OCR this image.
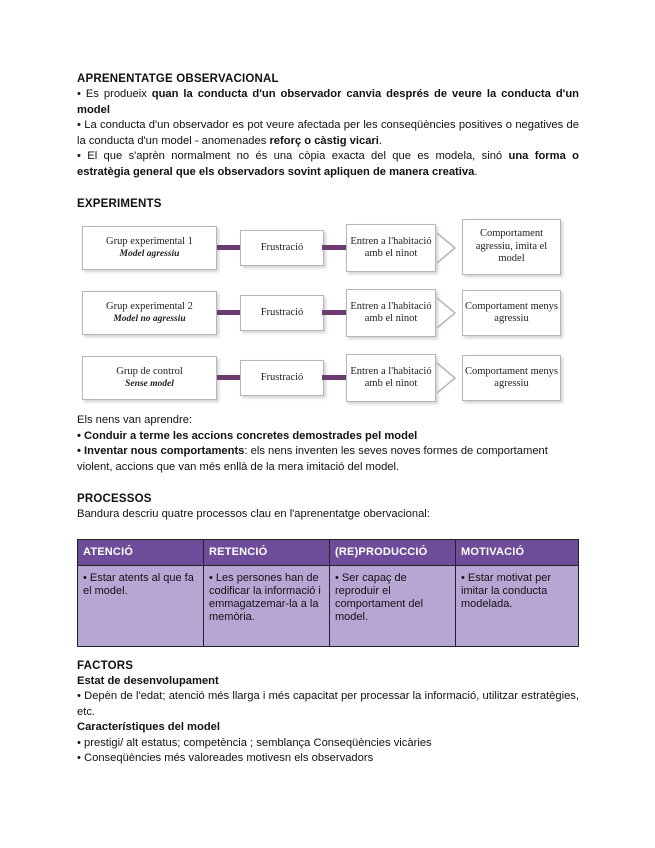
APRENENTATGE OBSERVACIONAL

• Es produeix quan la conducta d'un observador canvia després de veure la conducta d'un model

• La conducta d'un observador es pot veure afectada per les conseqüències positives o negatives de la conducta d'un model - anomenades reforç o càstig vicari.

• El que s'aprèn normalment no és una còpia exacta del que es modela, sinó una forma o estratègia general que els observadors sovint apliquen de manera creativa.

EXPERIMENTS
Grup experimental 1
Model agressiu
Frustració
Entren a l'habitació amb el ninot
Comportament agressiu, imita el model
Grup experimental 2
Model no agressiu
Frustració
Entren a l'habitació amb el ninot
Comportament menys agressiu
Grup de control
Sense model
Frustració
Entren a l'habitació amb el ninot
Comportament menys agressiu

Els nens van aprendre:

• Conduir a terme les accions concretes demostrades pel model

• Inventar nous comportaments: els nens inventen les seves noves formes de comportament violent, accions que van més enllà de la mera imitació del model.

PROCESSOS

Bandura descriu quatre processos clau en l'aprenentatge obervacional:

ATENCIÓ	RETENCIÓ	(RE)PRODUCCIÓ	MOTIVACIÓ
• Estar atents al que fa el model.	• Les persones han de codificar la informació i emmagatzemar-la a la memòria.	• Ser capaç de reproduir el comportament del model.	• Estar motivat per imitar la conducta modelada.
FACTORS

Estat de desenvolupament

• Depèn de l'edat; atenció més llarga i més capacitat per processar la informació, utilitzar estratègies, etc.

Característiques del model

• prestigi/ alt estatus; competència ; semblança Conseqüències vicàries

• Conseqüències més valoreades motivesn els observadors
